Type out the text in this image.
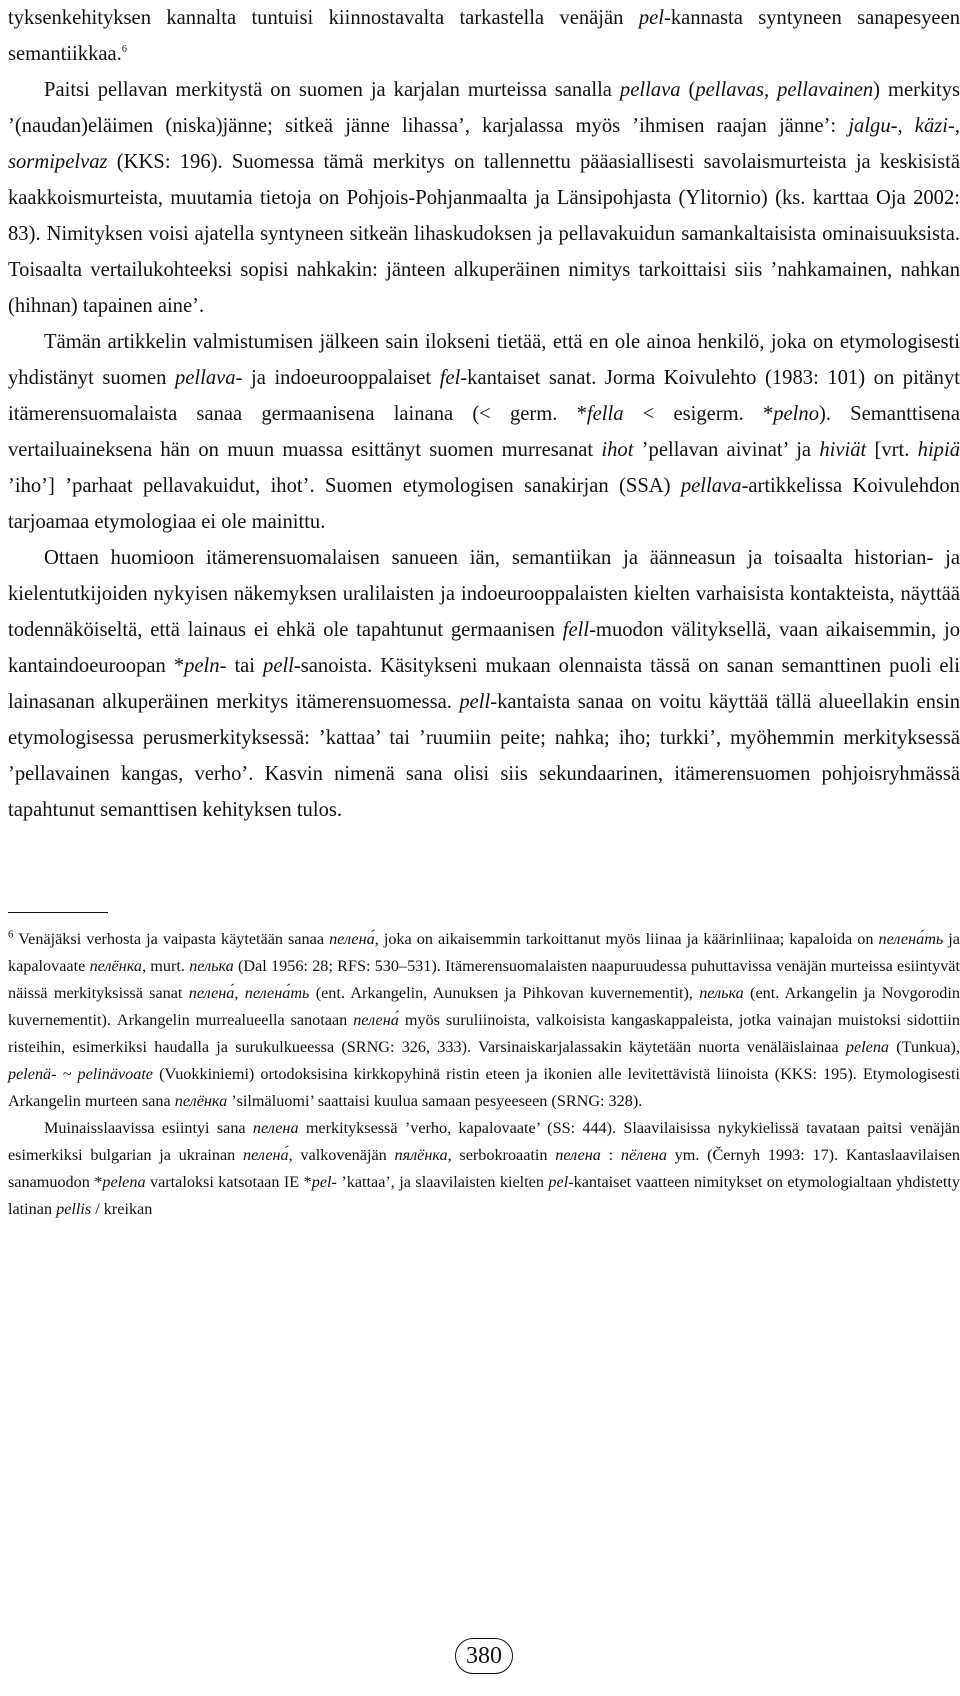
tyksenkehityksen kannalta tuntuisi kiinnostavalta tarkastella venäjän pel-kannasta syntyneen sanapesyeen semantiikkaa.$^6$

Paitsi pellavan merkitystä on suomen ja karjalan murteissa sanalla pellava (pellavas, pellavainen) merkitys ’(naudan)eläimen (niska)jänne; sitkeä jänne lihassa’, karjalassa myös ’ihmisen raajan jänne’: jalgu-, käzi-, sormipelvaz (KKS: 196). Suomessa tämä merkitys on tallennettu pääasiallisesti savolaismurteista ja keskisistä kaakkoismurteista, muutamia tietoja on Pohjois-Pohjanmaalta ja Länsipohjasta (Ylitornio) (ks. karttaa Oja 2002: 83). Nimityksen voisi ajatella syntyneen sitkeän lihaskudoksen ja pellavakuidun samankaltaisista ominaisuuksista. Toisaalta vertailukohteeksi sopisi nahkakin: jänteen alkuperäinen nimitys tarkoittaisi siis ’nahkamainen, nahkan (hihnan) tapainen aine’.

Tämän artikkelin valmistumisen jälkeen sain ilokseni tietää, että en ole ainoa henkilö, joka on etymologisesti yhdistänyt suomen pellava- ja indoeurooppalaiset fel-kantaiset sanat. Jorma Koivulehto (1983: 101) on pitänyt itämerensuomalaista sanaa germaanisena lainana (< germ. *fella < esigerm. *pelno). Semanttisena vertailuaineksena hän on muun muassa esittänyt suomen murresanat ihot ’pellavan aivinat’ ja hiviät [vrt. hipiä ’iho’] ’parhaat pellavakuidut, ihot’. Suomen etymologisen sanakirjan (SSA) pellava-artikkelissa Koivulehdon tarjoamaa etymologiaa ei ole mainittu.

Ottaen huomioon itämerensuomalaisen sanueen iän, semantiikan ja äänneasun ja toisaalta historian- ja kielentutkijoiden nykyisen näkemyksen uralilaisten ja indoeurooppalaisten kielten varhaisista kontakteista, näyttää todennäköiseltä, että lainaus ei ehkä ole tapahtunut germaanisen fell-muodon välityksellä, vaan aikaisemmin, jo kantaindoeuroopan *peln- tai pell-sanoista. Käsitykseni mukaan olennaista tässä on sanan semanttinen puoli eli lainasanan alkuperäinen merkitys itämerensuomessa. pell-kantaista sanaa on voitu käyttää tällä alueellakin ensin etymologisessa perusmerkityksessä: ’kattaa’ tai ’ruumiin peite; nahka; iho; turkki’, myöhemmin merkityksessä ’pellavainen kangas, verho’. Kasvin nimenä sana olisi siis sekundaarinen, itämerensuomen pohjoisryhmässä tapahtunut semanttisen kehityksen tulos.

$^6$ Venäjäksi verhosta ja vaipasta käytetään sanaa пелена́, joka on aikaisemmin tarkoittanut myös liinaa ja käärinliinaa; kapaloida on пелена́ть ja kapalovaate пелёнка, murt. пелька (Dal 1956: 28; RFS: 530–531). Itämerensuomalaisten naapuruudessa puhuttavissa venäjän murteissa esiintyvät näissä merkityksissä sanat пелена́, пелена́ть (ent. Arkangelin, Aunuksen ja Pihkovan kuvernementit), пелька (ent. Arkangelin ja Novgorodin kuvernementit). Arkangelin murrealueella sanotaan пелена́ myös suruliinoista, valkoisista kangaskappaleista, jotka vainajan muistoksi sidottiin risteihin, esimerkiksi haudalla ja surukulkueessa (SRNG: 326, 333). Varsinaiskarjalassakin käytetään nuorta venäläislainaa pelena (Tunkua), pelenä- ~ pelinävoate (Vuokkiniemi) ortodoksisina kirkkopyhinä ristin eteen ja ikonien alle levitettävistä liinoista (KKS: 195). Etymologisesti Arkangelin murteen sana пелёнка ’silmäluomi’ saattaisi kuulua samaan pesyeeseen (SRNG: 328).

Muinaisslaavissa esiintyi sana пелена merkityksessä ’verho, kapalovaate’ (SS: 444). Slaavilaisissa nykykielissä tavataan paitsi venäjän esimerkiksi bulgarian ja ukrainan пелена́, valkovenäjän пялёнка, serbokroaatin пелена : пёлена ym. (Černyh 1993: 17). Kantaslaavilaisen sanamuodon *pelena vartaloksi katsotaan IE *pel- ’kattaa’, ja slaavilaisten kielten pel-kantaiset vaatteen nimitykset on etymologialtaan yhdistetty latinan pellis / kreikan

380
